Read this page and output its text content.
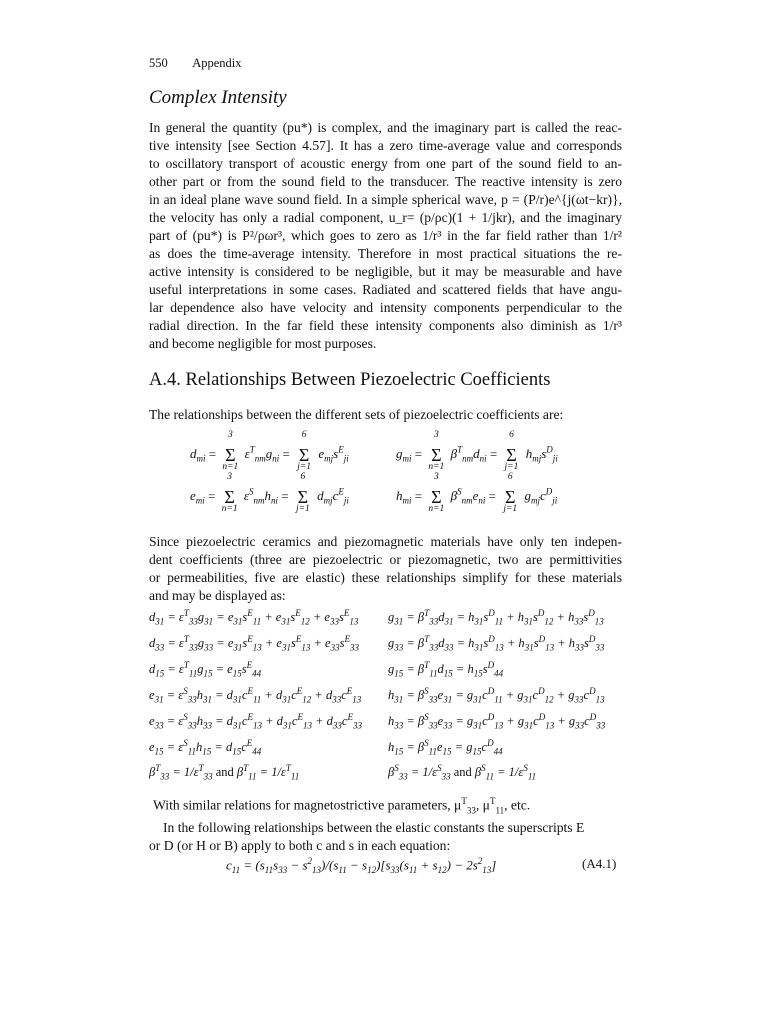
550 Appendix
Complex Intensity
In general the quantity (pu*) is complex, and the imaginary part is called the reac-
tive intensity [see Section 4.57]. It has a zero time-average value and corresponds
to oscillatory transport of acoustic energy from one part of the sound field to an-
other part or from the sound field to the transducer. The reactive intensity is zero
in an ideal plane wave sound field. In a simple spherical wave, p = (P/r)e^{j(ωt−kr)},
the velocity has only a radial component, u_r= (p/ρc)(1 + 1/jkr), and the imaginary
part of (pu*) is P²/ρωr³, which goes to zero as 1/r³ in the far field rather than 1/r²
as does the time-average intensity. Therefore in most practical situations the re-
active intensity is considered to be negligible, but it may be measurable and have
useful interpretations in some cases. Radiated and scattered fields that have angu-
lar dependence also have velocity and intensity components perpendicular to the
radial direction. In the far field these intensity components also diminish as 1/r³
and become negligible for most purposes.
A.4. Relationships Between Piezoelectric Coefficients
The relationships between the different sets of piezoelectric coefficients are:
$d_{mi}$ =
3
Σ
n=1
$\varepsilon^T_{nm}g_{ni}$ =
6
Σ
j=1
$e_{mj}s^E_{ji}$	$g_{mi}$ =
3
Σ
n=1
$\beta^T_{nm}d_{ni}$ =
6
Σ
j=1
$h_{mj}s^D_{ji}$
$e_{mi}$ =
3
Σ
n=1
$\varepsilon^S_{nm}h_{ni}$ =
6
Σ
j=1
$d_{mj}c^E_{ji}$	$h_{mi}$ =
3
Σ
n=1
$\beta^S_{nm}e_{ni}$ =
6
Σ
j=1
$g_{mj}c^D_{ji}$
Since piezoelectric ceramics and piezomagnetic materials have only ten indepen-
dent coefficients (three are piezoelectric or piezomagnetic, two are permittivities
or permeabilities, five are elastic) these relationships simplify for these materials
and may be displayed as:
$d_{31} = \varepsilon^T_{33}g_{31} = e_{31}s^E_{11} + e_{31}s^E_{12} + e_{33}s^E_{13}$
$d_{33} = \varepsilon^T_{33}g_{33} = e_{31}s^E_{13} + e_{31}s^E_{13} + e_{33}s^E_{33}$
$d_{15} = \varepsilon^T_{11}g_{15} = e_{15}s^E_{44}$
$e_{31} = \varepsilon^S_{33}h_{31} = d_{31}c^E_{11} + d_{31}c^E_{12} + d_{33}c^E_{13}$
$e_{33} = \varepsilon^S_{33}h_{33} = d_{31}c^E_{13} + d_{31}c^E_{13} + d_{33}c^E_{33}$
$e_{15} = \varepsilon^S_{11}h_{15} = d_{15}c^E_{44}$
$\beta^T_{33} = 1/\varepsilon^T_{33}$ and $\beta^T_{11} = 1/\varepsilon^T_{11}$
$g_{31} = \beta^T_{33}d_{31} = h_{31}s^D_{11} + h_{31}s^D_{12} + h_{33}s^D_{13}$
$g_{33} = \beta^T_{33}d_{33} = h_{31}s^D_{13} + h_{31}s^D_{13} + h_{33}s^D_{33}$
$g_{15} = \beta^T_{11}d_{15} = h_{15}s^D_{44}$
$h_{31} = \beta^S_{33}e_{31} = g_{31}c^D_{11} + g_{31}c^D_{12} + g_{33}c^D_{13}$
$h_{33} = \beta^S_{33}e_{33} = g_{31}c^D_{13} + g_{31}c^D_{13} + g_{33}c^D_{33}$
$h_{15} = \beta^S_{11}e_{15} = g_{15}c^D_{44}$
$\beta^S_{33} = 1/\varepsilon^S_{33}$ and $\beta^S_{11} = 1/\varepsilon^S_{11}$
With similar relations for magnetostrictive parameters, $\mu^T_{33}$, $\mu^T_{11}$, etc.
In the following relationships between the elastic constants the superscripts E
or D (or H or B) apply to both c and s in each equation:
$c_{11} = (s_{11}s_{33} - s^2_{13})/(s_{11} - s_{12})[s_{33}(s_{11} + s_{12}) - 2s^2_{13}]$	(A4.1)
